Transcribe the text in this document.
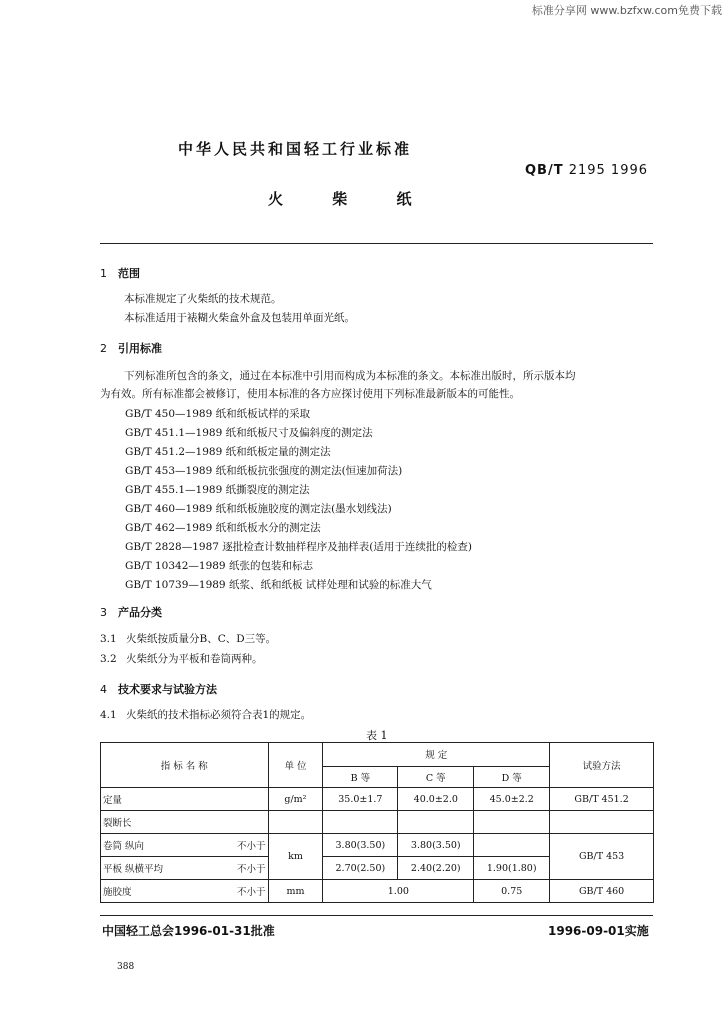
标准分享网 www.bzfxw.com免费下载
中华人民共和国轻工行业标准
QB/T 2195 1996
火 柴 纸
1 范围
本标准规定了火柴纸的技术规范。
本标准适用于裱糊火柴盒外盒及包装用单面光纸。
2 引用标准
下列标准所包含的条文，通过在本标准中引用而构成为本标准的条文。本标准出版时，所示版本均
为有效。所有标准都会被修订，使用本标准的各方应探讨使用下列标准最新版本的可能性。
GB/T 450—1989 纸和纸板试样的采取
GB/T 451.1—1989 纸和纸板尺寸及偏斜度的测定法
GB/T 451.2—1989 纸和纸板定量的测定法
GB/T 453—1989 纸和纸板抗张强度的测定法(恒速加荷法)
GB/T 455.1—1989 纸撕裂度的测定法
GB/T 460—1989 纸和纸板施胶度的测定法(墨水划线法)
GB/T 462—1989 纸和纸板水分的测定法
GB/T 2828—1987 逐批检查计数抽样程序及抽样表(适用于连续批的检查)
GB/T 10342—1989 纸张的包装和标志
GB/T 10739—1989 纸浆、纸和纸板 试样处理和试验的标准大气
3 产品分类
3.1 火柴纸按质量分B、C、D三等。
3.2 火柴纸分为平板和卷筒两种。
4 技术要求与试验方法
4.1 火柴纸的技术指标必须符合表1的规定。
表 1
指 标 名 称	单 位	规 定			试验方法
		B 等	C 等	D 等	
定量	g/m²	35.0±1.7	40.0±2.0	45.0±2.2	GB/T 451.2
裂断长					
卷筒 纵向 不小于	km	3.80(3.50)	3.80(3.50)		GB/T 453
平板 纵横平均 不小于		2.70(2.50)	2.40(2.20)	1.90(1.80)	
施胶度 不小于	mm	1.00		0.75	GB/T 460
中国轻工总会1996-01-31批准	1996-09-01实施
388
